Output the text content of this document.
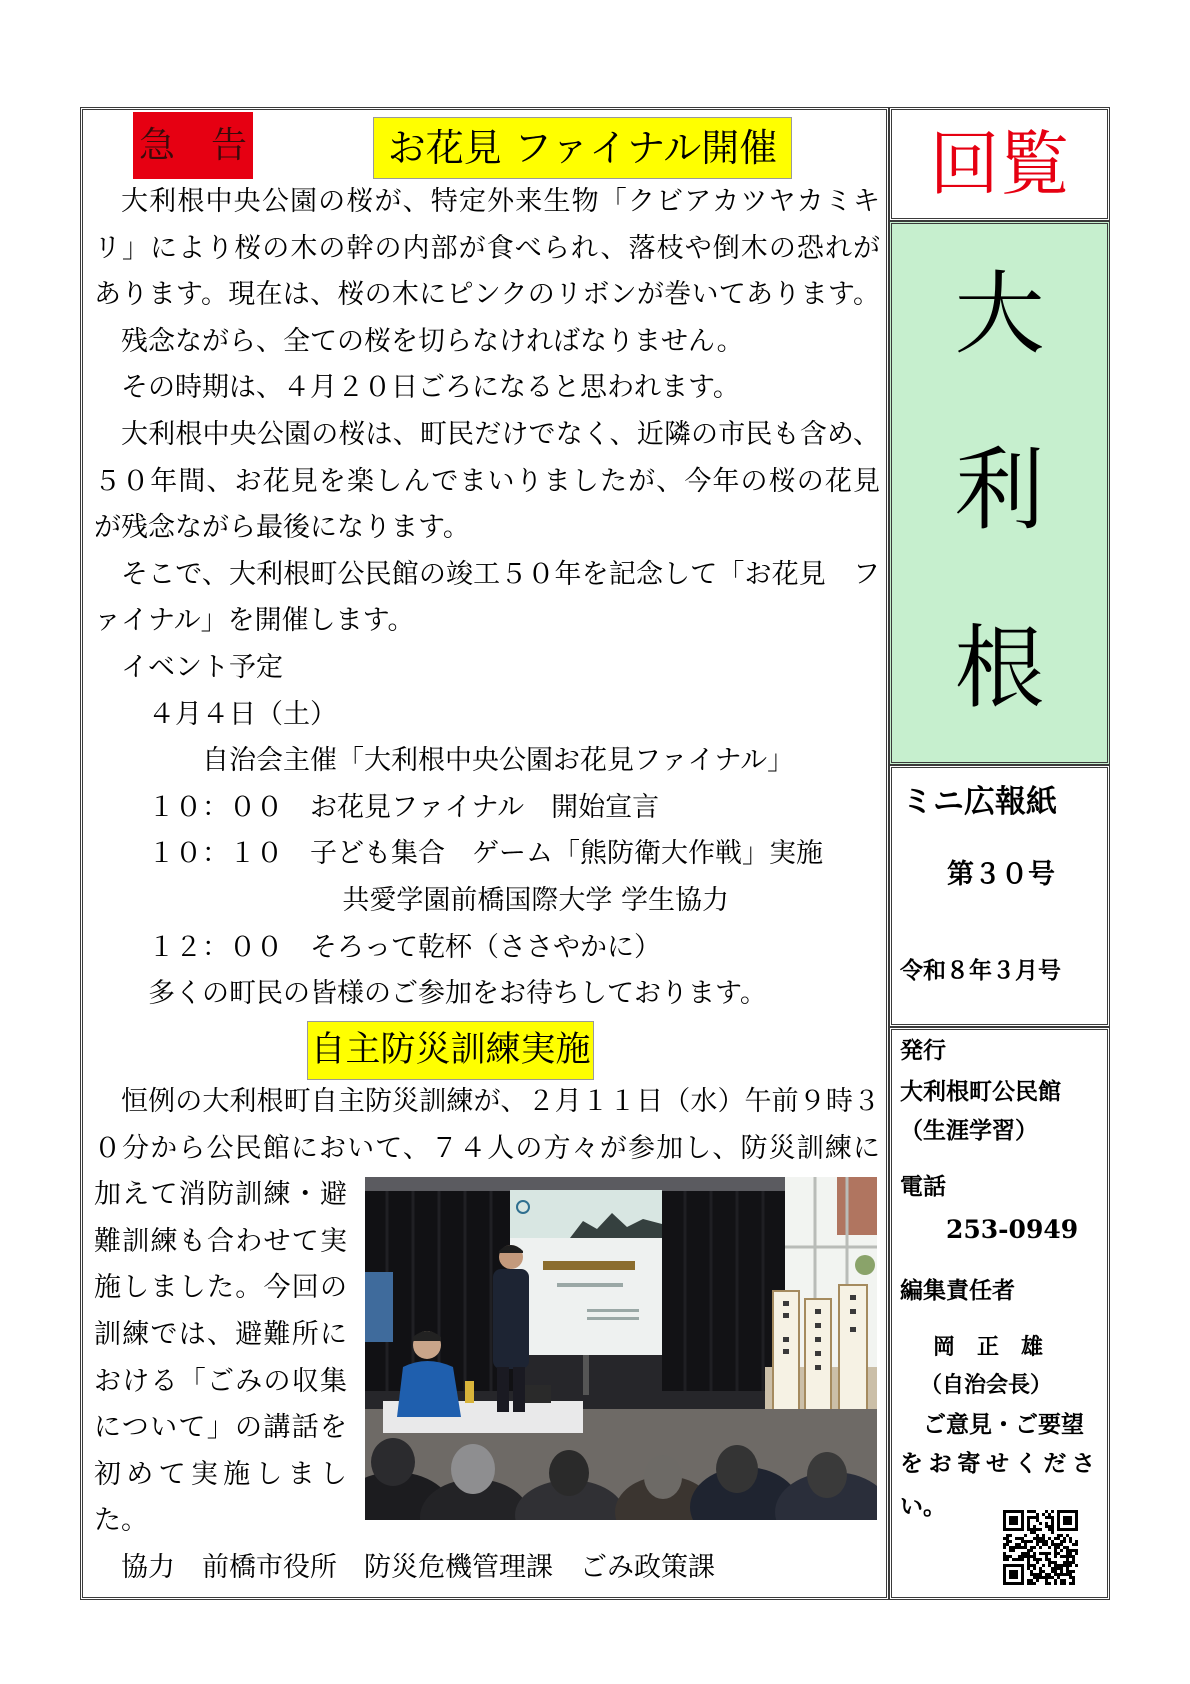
急　告	お花見 ファイナル開催
大利根中央公園の桜が、特定外来生物「クビアカツヤカミキ
リ」により桜の木の幹の内部が食べられ、落枝や倒木の恐れが
あります。現在は、桜の木にピンクのリボンが巻いてあります。
残念ながら、全ての桜を切らなければなりません。
その時期は、４月２０日ごろになると思われます。
大利根中央公園の桜は、町民だけでなく、近隣の市民も含め、
５０年間、お花見を楽しんでまいりましたが、今年の桜の花見
が残念ながら最後になります。
そこで、大利根町公民館の竣工５０年を記念して「お花見　フ
ァイナル」を開催します。
イベント予定
４月４日（土）
自治会主催「大利根中央公園お花見ファイナル」
１０：００　お花見ファイナル　開始宣言
１０：１０　子ども集合　ゲーム「熊防衛大作戦」実施
共愛学園前橋国際大学 学生協力
１２：００　そろって乾杯（ささやかに）
多くの町民の皆様のご参加をお待ちしております。
自主防災訓練実施
恒例の大利根町自主防災訓練が、２月１１日（水）午前９時３
０分から公民館において、７４人の方々が参加し、防災訓練に
加えて消防訓練・避
難訓練も合わせて実
施しました。今回の
訓練では、避難所に
おける「ごみの収集
について」の講話を
初めて実施しまし
た。
協力　前橋市役所　防災危機管理課　ごみ政策課
回覧
大
利
根
ミニ広報紙
第３０号
令和８年３月号
発行
大利根町公民館
（生涯学習）
電話
253-0949
編集責任者
岡　正　雄
（自治会長）
ご意見・ご要望
をお寄せくださ
い。
